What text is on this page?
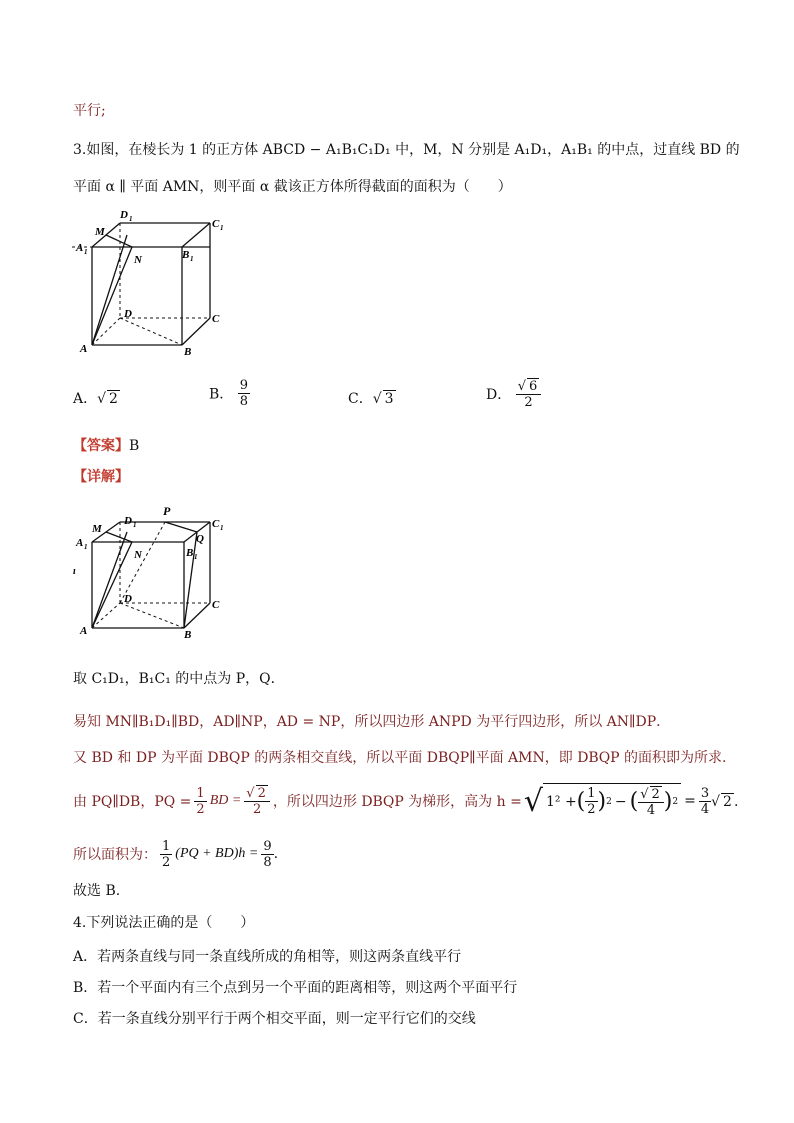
平行;
3.如图，在棱长为 1 的正方体 ABCD − A₁B₁C₁D₁ 中，M，N 分别是 A₁D₁，A₁B₁ 的中点，过直线 BD 的
平面 α ∥ 平面 AMN，则平面 α 截该正方体所得截面的面积为（　　）
D 1	C 1
A 1	B 1
M
N
D	C
A	B
A．√ 2	B． $\frac{9}{8}$	C．√ 3	D． $\frac{√ 6}{2}$
【答案】B
【详解】
P
Q
D 1	C 1
A 1	B 1
M
N
D	C
A	B
ı
取 C₁D₁，B₁C₁ 的中点为 P，Q．
易知 MN∥B₁D₁∥BD，AD∥NP，AD = NP，所以四边形 ANPD 为平行四边形，所以 AN∥DP．
又 BD 和 DP 为平面 DBQP 的两条相交直线，所以平面 DBQP∥平面 AMN，即 DBQP 的面积即为所求.
由 PQ∥DB，PQ = $\frac{1}{2}$ BD = $\frac{√ 2}{2}$ ，所以四边形 DBQP 为梯形，高为 h = √ 1² + ( $\frac{1}{2}$ ) 2 − ( $\frac{√ 2}{4}$ ) $2 = \frac{3}{4}$ √ 2 .
所以面积为： $\frac{1}{2} (PQ + BD)h = \frac{9}{8}$ .
故选 B.
4.下列说法正确的是（　　）
A．若两条直线与同一条直线所成的角相等，则这两条直线平行
B．若一个平面内有三个点到另一个平面的距离相等，则这两个平面平行
C．若一条直线分别平行于两个相交平面，则一定平行它们的交线
